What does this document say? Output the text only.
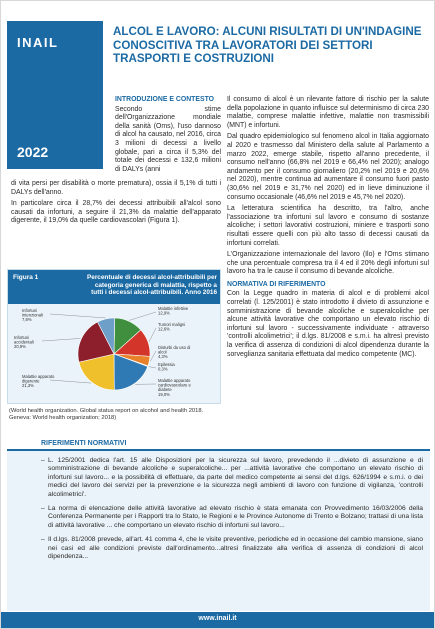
INAIL
2022
ALCOL E LAVORO: ALCUNI RISULTATI DI UN'INDAGINE CONOSCITIVA TRA LAVORATORI DEI SETTORI TRASPORTI E COSTRUZIONI
INTRODUZIONE E CONTESTO

Secondo stime dell'Organizzazione mondiale della sanità (Oms), l'uso dannoso di alcol ha causato, nel 2016, circa 3 milioni di decessi a livello globale, pari a circa il 5,3% del totale dei decessi e 132,6 milioni di DALYs (anni

di vita persi per disabilità o morte prematura), ossia il 5,1% di tutti i DALYs dell'anno.

In particolare circa il 28,7% dei decessi attribuibili all'alcol sono causati da infortuni, a seguire il 21,3% da malattie dell'apparato digerente, il 19,0% da quelle cardiovascolari (Figura 1).

Figura 1	Percentuale di decessi alcol-attribuibili per categoria generica di malattia, rispetto a tutti i decessi alcol-attribuibili. Anno 2016
Malattie infettive 12,9%
Tumori maligni 12,6%
Disturbi da uso di alcol 4,3%
Epilessia 0,3%
Malattie apparato cardiovascolare e diabete 19,0%
Malattie apparato digerente 21,3%
Infortuni accidentali 20,9%
Infortuni intenzionali 7,8%
(World health organization. Global status report on alcohol and health 2018. Geneva: World health organization; 2018)

Il consumo di alcol è un rilevante fattore di rischio per la salute della popolazione in quanto influisce sul determinismo di circa 230 malattie, comprese malattie infettive, malattie non trasmissibili (MNT) e infortuni.

Dal quadro epidemiologico sul fenomeno alcol in Italia aggiornato al 2020 e trasmesso dal Ministero della salute al Parlamento a marzo 2022, emerge stabile, rispetto all'anno precedente, il consumo nell'anno (66,8% nel 2019 e 66,4% nel 2020); analogo andamento per il consumo giornaliero (20,2% nel 2019 e 20,6% nel 2020), mentre continua ad aumentare il consumo fuori pasto (30,6% nel 2019 e 31,7% nel 2020) ed in lieve diminuzione il consumo occasionale (46,6% nel 2019 e 45,7% nel 2020).

La letteratura scientifica ha descritto, tra l'altro, anche l'associazione tra infortuni sul lavoro e consumo di sostanze alcoliche; i settori lavorativi costruzioni, miniere e trasporti sono risultati essere quelli con più alto tasso di decessi causati da infortuni correlati.

L'Organizzazione internazionale del lavoro (Ilo) e l'Oms stimano che una percentuale compresa tra il 4 ed il 20% degli infortuni sul lavoro ha tra le cause il consumo di bevande alcoliche.

NORMATIVA DI RIFERIMENTO

Con la Legge quadro in materia di alcol e di problemi alcol correlati (l. 125/2001) è stato introdotto il divieto di assunzione e somministrazione di bevande alcoliche e superalcoliche per alcune attività lavorative che comportano un elevato rischio di infortuni sul lavoro - successivamente individuate - attraverso 'controlli alcolimetrici'; il d.lgs. 81/2008 e s.m.i. ha altresì previsto la verifica di assenza di condizioni di alcol dipendenza durante la sorveglianza sanitaria effettuata dal medico competente (MC).

RIFERIMENTI NORMATIVI
– L. 125/2001 dedica l'art. 15 alle Disposizioni per la sicurezza sul lavoro, prevedendo il ...divieto di assunzione e di somministrazione di bevande alcoliche e superalcoliche... per ...attività lavorative che comportano un elevato rischio di infortuni sul lavoro... e la possibilità di effettuare, da parte del medico competente ai sensi del d.lgs. 626/1994 e s.m.i. o dei medici del lavoro dei servizi per la prevenzione e la sicurezza negli ambienti di lavoro con funzione di vigilanza, 'controlli alcolimetrici'.
– La norma di elencazione delle attività lavorative ad elevato rischio è stata emanata con Provvedimento 16/03/2006 della Conferenza Permanente per i Rapporti tra lo Stato, le Regioni e le Province Autonome di Trento e Bolzano; trattasi di una lista di attività lavorative ... che comportano un elevato rischio di infortuni sul lavoro...
– Il d.lgs. 81/2008 prevede, all'art. 41 comma 4, che le visite preventive, periodiche ed in occasione del cambio mansione, siano nei casi ed alle condizioni previste dall'ordinamento...altresì finalizzate alla verifica di assenza di condizioni di alcol dipendenza...
www.inail.it
